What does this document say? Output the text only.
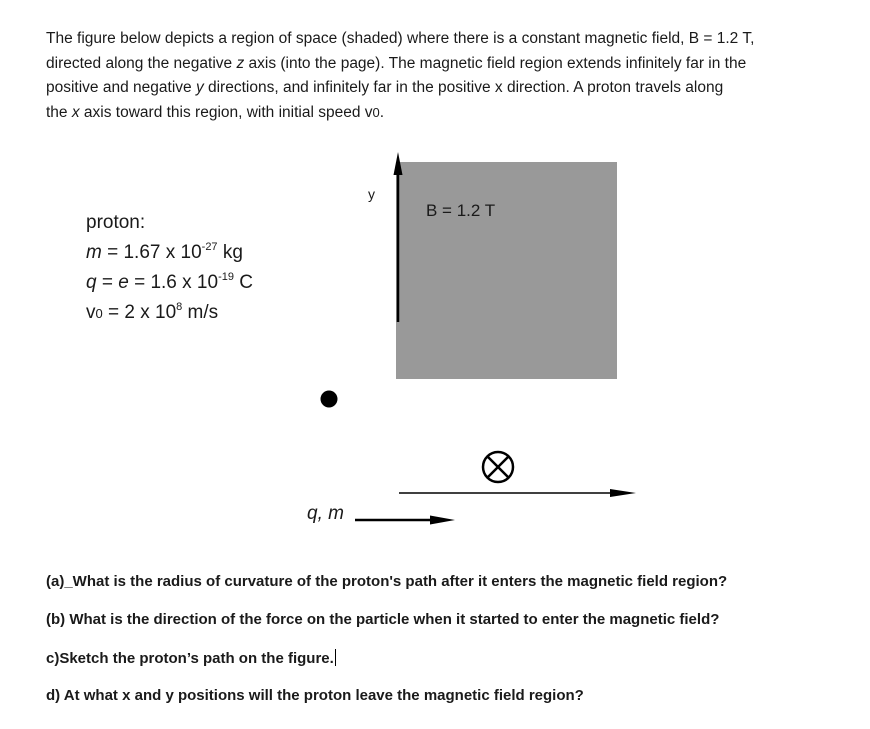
The figure below depicts a region of space (shaded) where there is a constant magnetic field, B = 1.2 T,

directed along the negative z axis (into the page). The magnetic field region extends infinitely far in the

positive and negative y directions, and infinitely far in the positive x direction. A proton travels along

the x axis toward this region, with initial speed v0.

proton:
m = 1.67 x $10^{-27}$ kg
q = e = 1.6 x $10^{-19}$ C
v0 = 2 x $10^8$ m/s
y
B = 1.2 T
q, m
(a)_What is the radius of curvature of the proton's path after it enters the magnetic field region?
(b) What is the direction of the force on the particle when it started to enter the magnetic field?
c)Sketch the proton’s path on the figure.
d) At what x and y positions will the proton leave the magnetic field region?
